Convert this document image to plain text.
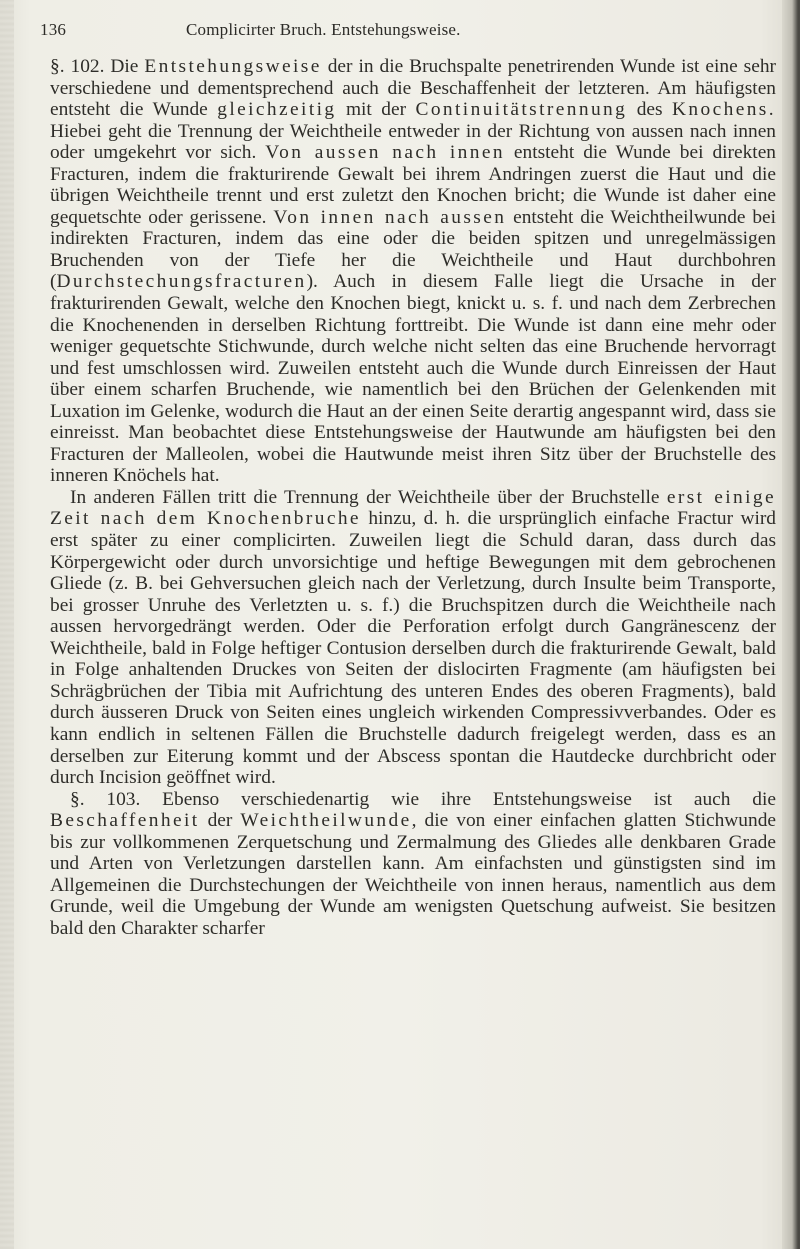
136	Complicirter Bruch. Entstehungsweise.

§. 102. Die Entstehungsweise der in die Bruchspalte penetrirenden Wunde ist eine sehr verschiedene und dementsprechend auch die Beschaffenheit der letzteren. Am häufigsten entsteht die Wunde gleichzeitig mit der Continuitätstrennung des Knochens. Hiebei geht die Trennung der Weichtheile entweder in der Richtung von aussen nach innen oder umgekehrt vor sich. Von aussen nach innen entsteht die Wunde bei direkten Fracturen, indem die frakturirende Gewalt bei ihrem Andringen zuerst die Haut und die übrigen Weichtheile trennt und erst zuletzt den Knochen bricht; die Wunde ist daher eine gequetschte oder gerissene. Von innen nach aussen entsteht die Weichtheilwunde bei indirekten Fracturen, indem das eine oder die beiden spitzen und unregelmässigen Bruchenden von der Tiefe her die Weichtheile und Haut durchbohren (Durchstechungsfracturen). Auch in diesem Falle liegt die Ursache in der frakturirenden Gewalt, welche den Knochen biegt, knickt u. s. f. und nach dem Zerbrechen die Knochenenden in derselben Richtung forttreibt. Die Wunde ist dann eine mehr oder weniger gequetschte Stichwunde, durch welche nicht selten das eine Bruchende hervorragt und fest umschlossen wird. Zuweilen entsteht auch die Wunde durch Einreissen der Haut über einem scharfen Bruchende, wie namentlich bei den Brüchen der Gelenkenden mit Luxation im Gelenke, wodurch die Haut an der einen Seite derartig angespannt wird, dass sie einreisst. Man beobachtet diese Entstehungsweise der Hautwunde am häufigsten bei den Fracturen der Malleolen, wobei die Hautwunde meist ihren Sitz über der Bruchstelle des inneren Knöchels hat.

In anderen Fällen tritt die Trennung der Weichtheile über der Bruchstelle erst einige Zeit nach dem Knochenbruche hinzu, d. h. die ursprünglich einfache Fractur wird erst später zu einer complicirten. Zuweilen liegt die Schuld daran, dass durch das Körpergewicht oder durch unvorsichtige und heftige Bewegungen mit dem gebrochenen Gliede (z. B. bei Gehversuchen gleich nach der Verletzung, durch Insulte beim Transporte, bei grosser Unruhe des Verletzten u. s. f.) die Bruchspitzen durch die Weichtheile nach aussen hervorgedrängt werden. Oder die Perforation erfolgt durch Gangränescenz der Weichtheile, bald in Folge heftiger Contusion derselben durch die frakturirende Gewalt, bald in Folge anhaltenden Druckes von Seiten der dislocirten Fragmente (am häufigsten bei Schrägbrüchen der Tibia mit Aufrichtung des unteren Endes des oberen Fragments), bald durch äusseren Druck von Seiten eines ungleich wirkenden Compressivverbandes. Oder es kann endlich in seltenen Fällen die Bruchstelle dadurch freigelegt werden, dass es an derselben zur Eiterung kommt und der Abscess spontan die Hautdecke durchbricht oder durch Incision geöffnet wird.

§. 103. Ebenso verschiedenartig wie ihre Entstehungsweise ist auch die Beschaffenheit der Weichtheilwunde, die von einer einfachen glatten Stichwunde bis zur vollkommenen Zerquetschung und Zermalmung des Gliedes alle denkbaren Grade und Arten von Verletzungen darstellen kann. Am einfachsten und günstigsten sind im Allgemeinen die Durchstechungen der Weichtheile von innen heraus, namentlich aus dem Grunde, weil die Umgebung der Wunde am wenigsten Quetschung aufweist. Sie besitzen bald den Charakter scharfer
